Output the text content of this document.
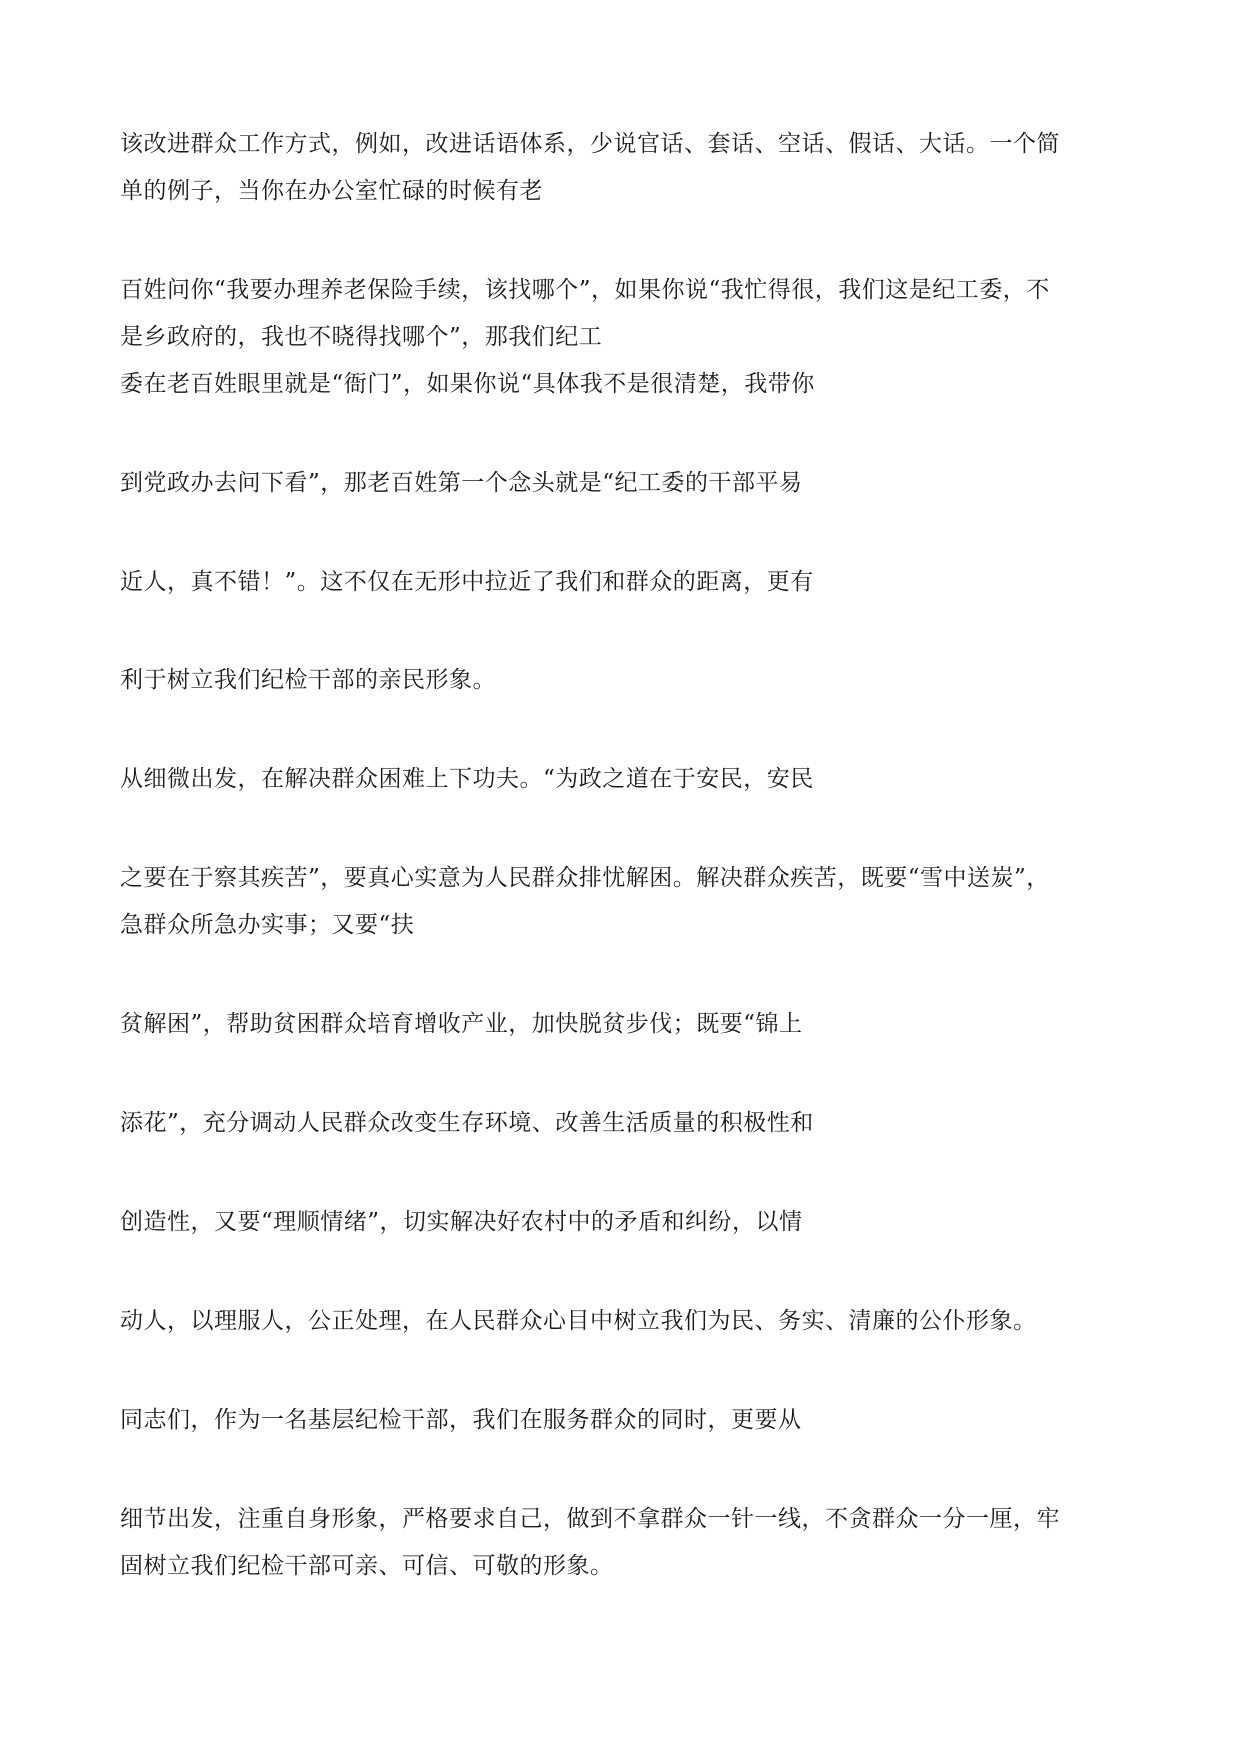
该改进群众工作方式，例如，改进话语体系，少说官话、套话、空话、假话、大话。一个简

单的例子，当你在办公室忙碌的时候有老

百姓问你“我要办理养老保险手续，该找哪个”，如果你说“我忙得很，我们这是纪工委，不

是乡政府的，我也不晓得找哪个”，那我们纪工

委在老百姓眼里就是“衙门”，如果你说“具体我不是很清楚，我带你

到党政办去问下看”，那老百姓第一个念头就是“纪工委的干部平易

近人，真不错！”。这不仅在无形中拉近了我们和群众的距离，更有

利于树立我们纪检干部的亲民形象。

从细微出发，在解决群众困难上下功夫。“为政之道在于安民，安民

之要在于察其疾苦”，要真心实意为人民群众排忧解困。解决群众疾苦，既要“雪中送炭”，

急群众所急办实事；又要“扶

贫解困”，帮助贫困群众培育增收产业，加快脱贫步伐；既要“锦上

添花”，充分调动人民群众改变生存环境、改善生活质量的积极性和

创造性，又要“理顺情绪”，切实解决好农村中的矛盾和纠纷，以情

动人，以理服人，公正处理，在人民群众心目中树立我们为民、务实、清廉的公仆形象。

同志们，作为一名基层纪检干部，我们在服务群众的同时，更要从

细节出发，注重自身形象，严格要求自己，做到不拿群众一针一线，不贪群众一分一厘，牢

固树立我们纪检干部可亲、可信、可敬的形象。
